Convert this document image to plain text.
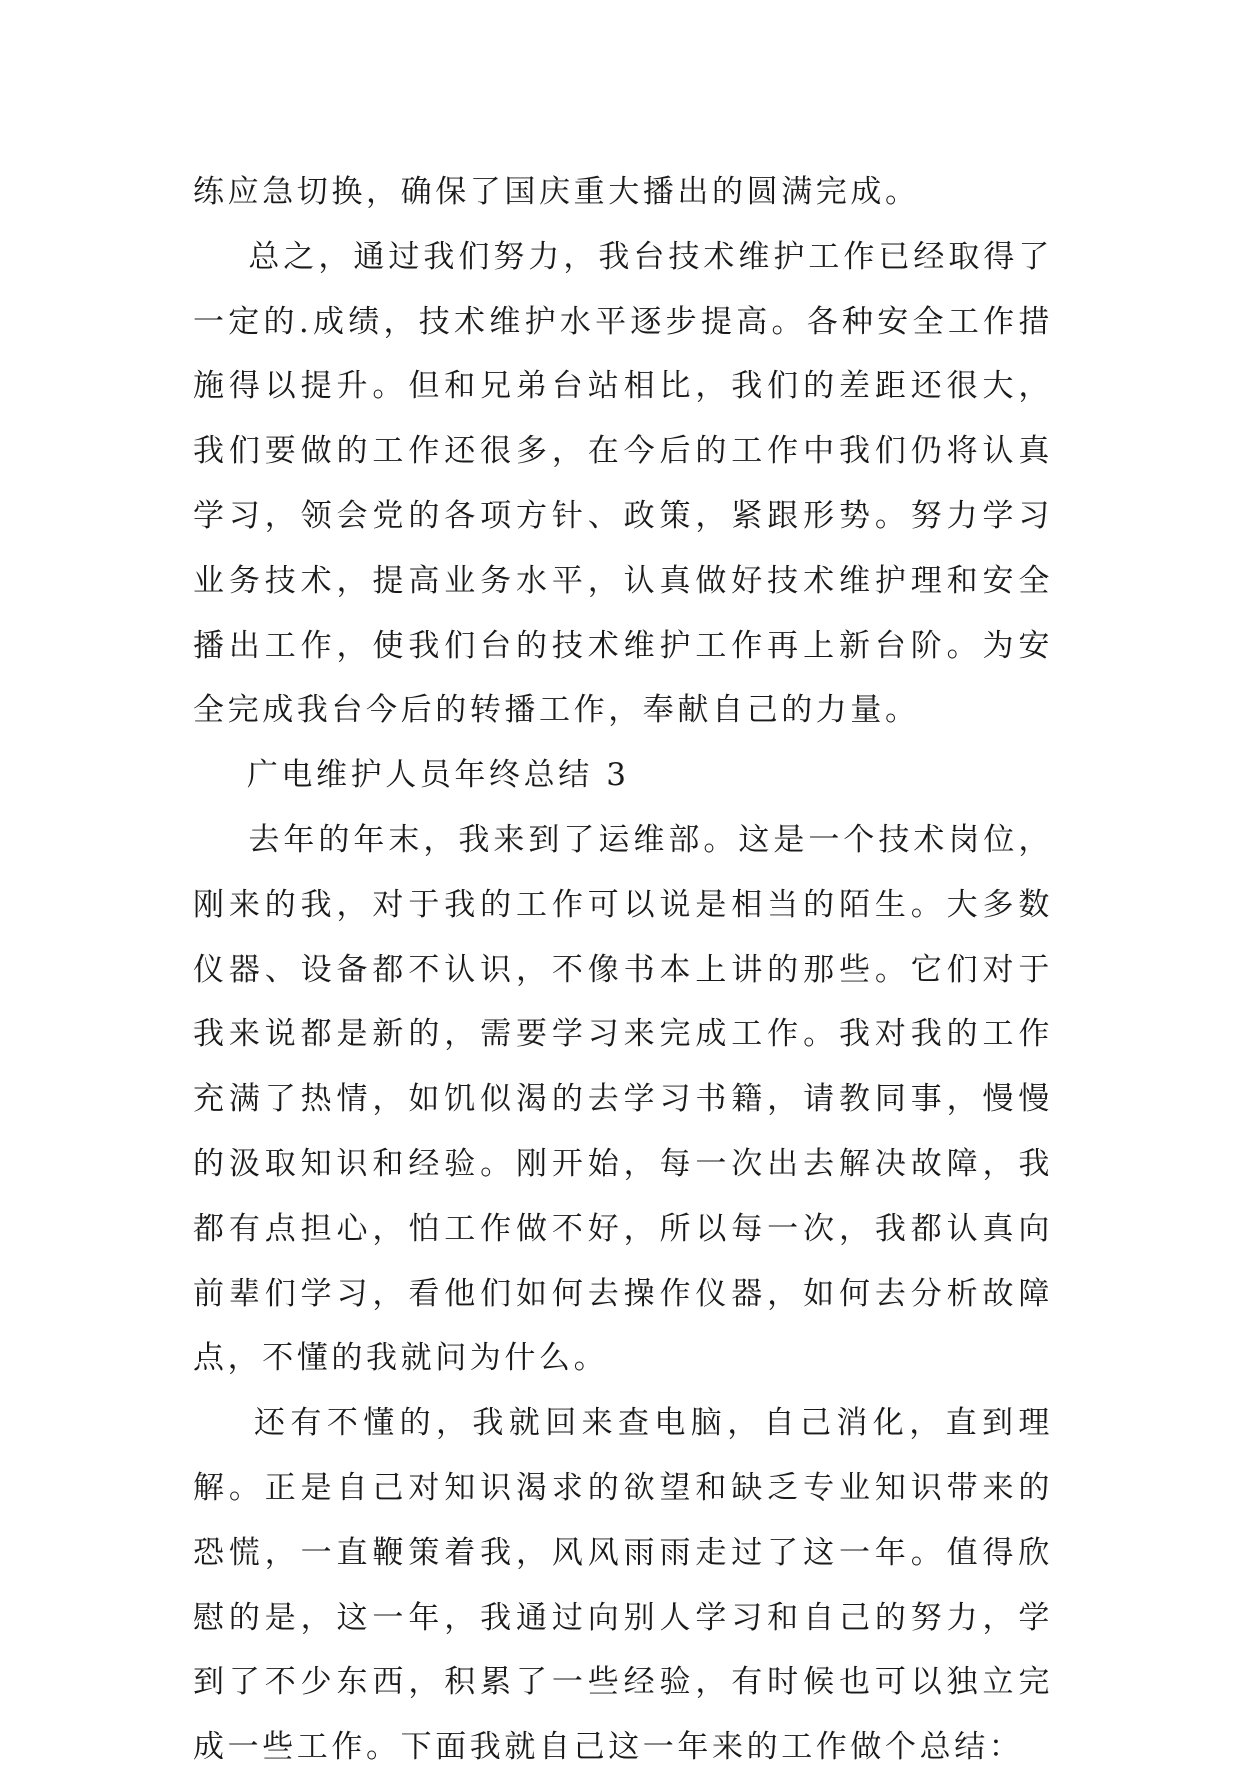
练应急切换，确保了国庆重大播出的圆满完成。

总之，通过我们努力，我台技术维护工作已经取得了一定的.成绩，技术维护水平逐步提高。各种安全工作措施得以提升。但和兄弟台站相比，我们的差距还很大，我们要做的工作还很多，在今后的工作中我们仍将认真学习，领会党的各项方针、政策，紧跟形势。努力学习业务技术，提高业务水平，认真做好技术维护理和安全播出工作，使我们台的技术维护工作再上新台阶。为安全完成我台今后的转播工作，奉献自己的力量。

广电维护人员年终总结 3

去年的年末，我来到了运维部。这是一个技术岗位，刚来的我，对于我的工作可以说是相当的陌生。大多数仪器、设备都不认识，不像书本上讲的那些。它们对于我来说都是新的，需要学习来完成工作。我对我的工作充满了热情，如饥似渴的去学习书籍，请教同事，慢慢的汲取知识和经验。刚开始，每一次出去解决故障，我都有点担心，怕工作做不好，所以每一次，我都认真向前辈们学习，看他们如何去操作仪器，如何去分析故障点，不懂的我就问为什么。

还有不懂的，我就回来查电脑，自己消化，直到理解。正是自己对知识渴求的欲望和缺乏专业知识带来的恐慌，一直鞭策着我，风风雨雨走过了这一年。值得欣慰的是，这一年，我通过向别人学习和自己的努力，学到了不少东西，积累了一些经验，有时候也可以独立完成一些工作。下面我就自己这一年来的工作做个总结：
